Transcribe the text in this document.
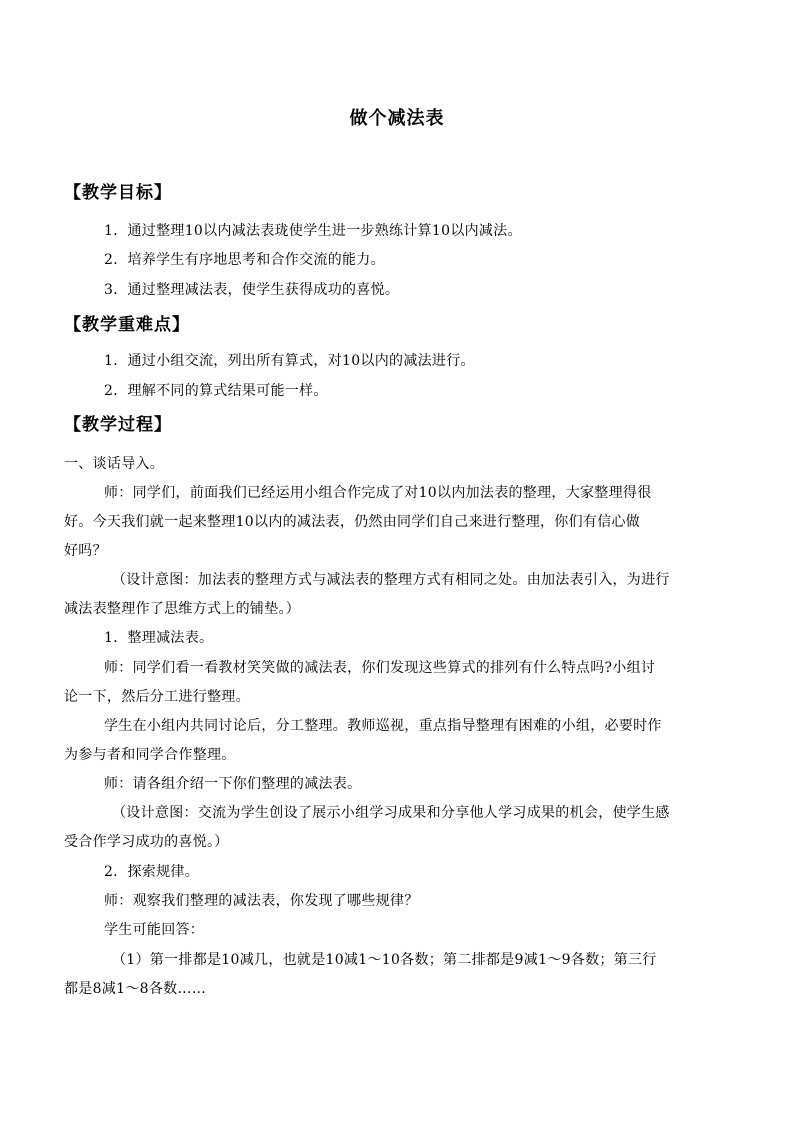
做个减法表
【教学目标】
1．通过整理10以内减法表珑使学生进一步熟练计算10以内减法。
2．培养学生有序地思考和合作交流的能力。
3．通过整理减法表，使学生获得成功的喜悦。
【教学重难点】
1．通过小组交流，列出所有算式，对10以内的减法进行。
2．理解不同的算式结果可能一样。
【教学过程】
一、谈话导入。
师：同学们，前面我们已经运用小组合作完成了对10以内加法表的整理，大家整理得很
好。今天我们就一起来整理10以内的减法表，仍然由同学们自己来进行整理，你们有信心做
好吗？
（设计意图：加法表的整理方式与减法表的整理方式有相同之处。由加法表引入，为进行
减法表整理作了思维方式上的铺垫。）
1．整理减法表。
师：同学们看一看教材笑笑做的减法表，你们发现这些算式的排列有什么特点吗?小组讨
论一下，然后分工进行整理。
学生在小组内共同讨论后，分工整理。教师巡视，重点指导整理有困难的小组，必要时作
为参与者和同学合作整理。
师：请各组介绍一下你们整理的减法表。
（设计意图：交流为学生创设了展示小组学习成果和分享他人学习成果的机会，使学生感
受合作学习成功的喜悦。）
2．探索规律。
师：观察我们整理的减法表，你发现了哪些规律？
学生可能回答：
（1）第一排都是10减几，也就是10减1～10各数；第二排都是9减1～9各数；第三行
都是8减1～8各数……
